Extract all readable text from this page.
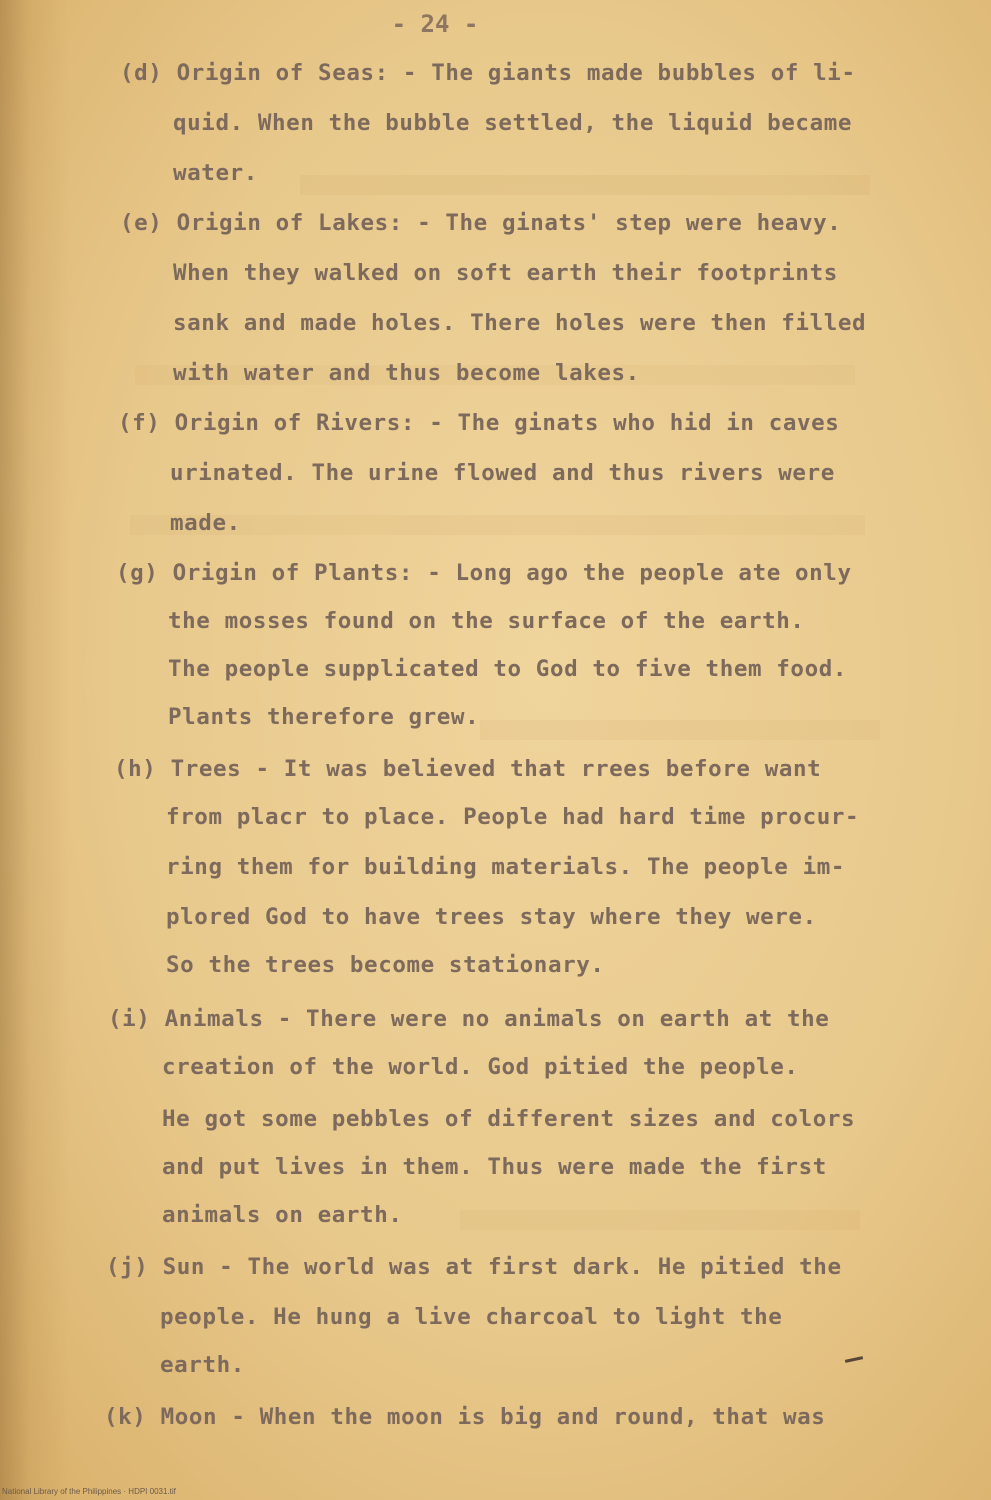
- 24 -
(d) Origin of Seas: - The giants made bubbles of li-
quid. When the bubble settled, the liquid became
water.
(e) Origin of Lakes: - The ginats' step were heavy.
When they walked on soft earth their footprints
sank and made holes. There holes were then filled
with water and thus become lakes.
(f) Origin of Rivers: - The ginats who hid in caves
urinated. The urine flowed and thus rivers were
made.
(g) Origin of Plants: - Long ago the people ate only
the mosses found on the surface of the earth.
The people supplicated to God to five them food.
Plants therefore grew.
(h) Trees - It was believed that rrees before want
from placr to place. People had hard time procur-
ring them for building materials. The people im-
plored God to have trees stay where they were.
So the trees become stationary.
(i) Animals - There were no animals on earth at the
creation of the world. God pitied the people.
He got some pebbles of different sizes and colors
and put lives in them. Thus were made the first
animals on earth.
(j) Sun - The world was at first dark. He pitied the
people. He hung a live charcoal to light the
earth.
(k) Moon - When the moon is big and round, that was
National Library of the Philippines · HDPI 0031.tif
